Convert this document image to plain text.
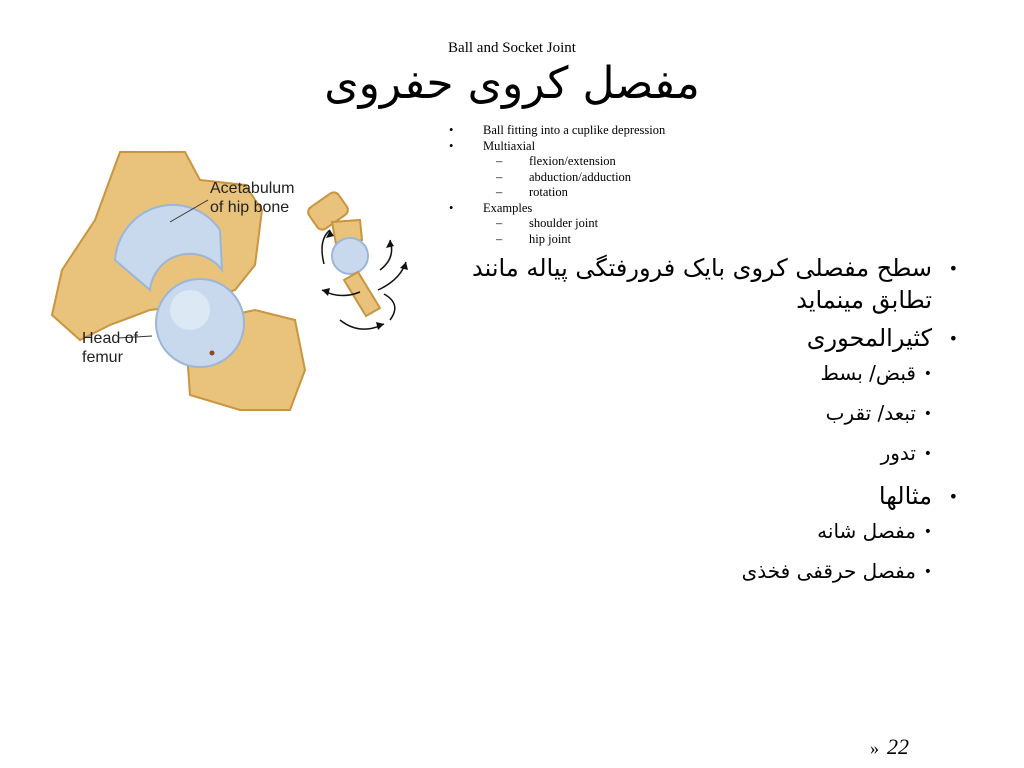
Ball and Socket Joint
مفصل کروی حفروی
• Ball fitting into a cuplike depression
• Multiaxial
– flexion/extension
– abduction/adduction
– rotation
• Examples
– shoulder joint
– hip joint
•
سطح مفصلی کروی بایک فرورفتگی پیاله مانند تطابق مینماید
•
کثیرالمحوری
•
قبض/ بسط
•
تبعد/ تقرب
•
تدور
•
مثالها
•
مفصل شانه
•
مفصل حرقفی فخذی
Acetabulum
of hip bone
Head of
femur
» 22
